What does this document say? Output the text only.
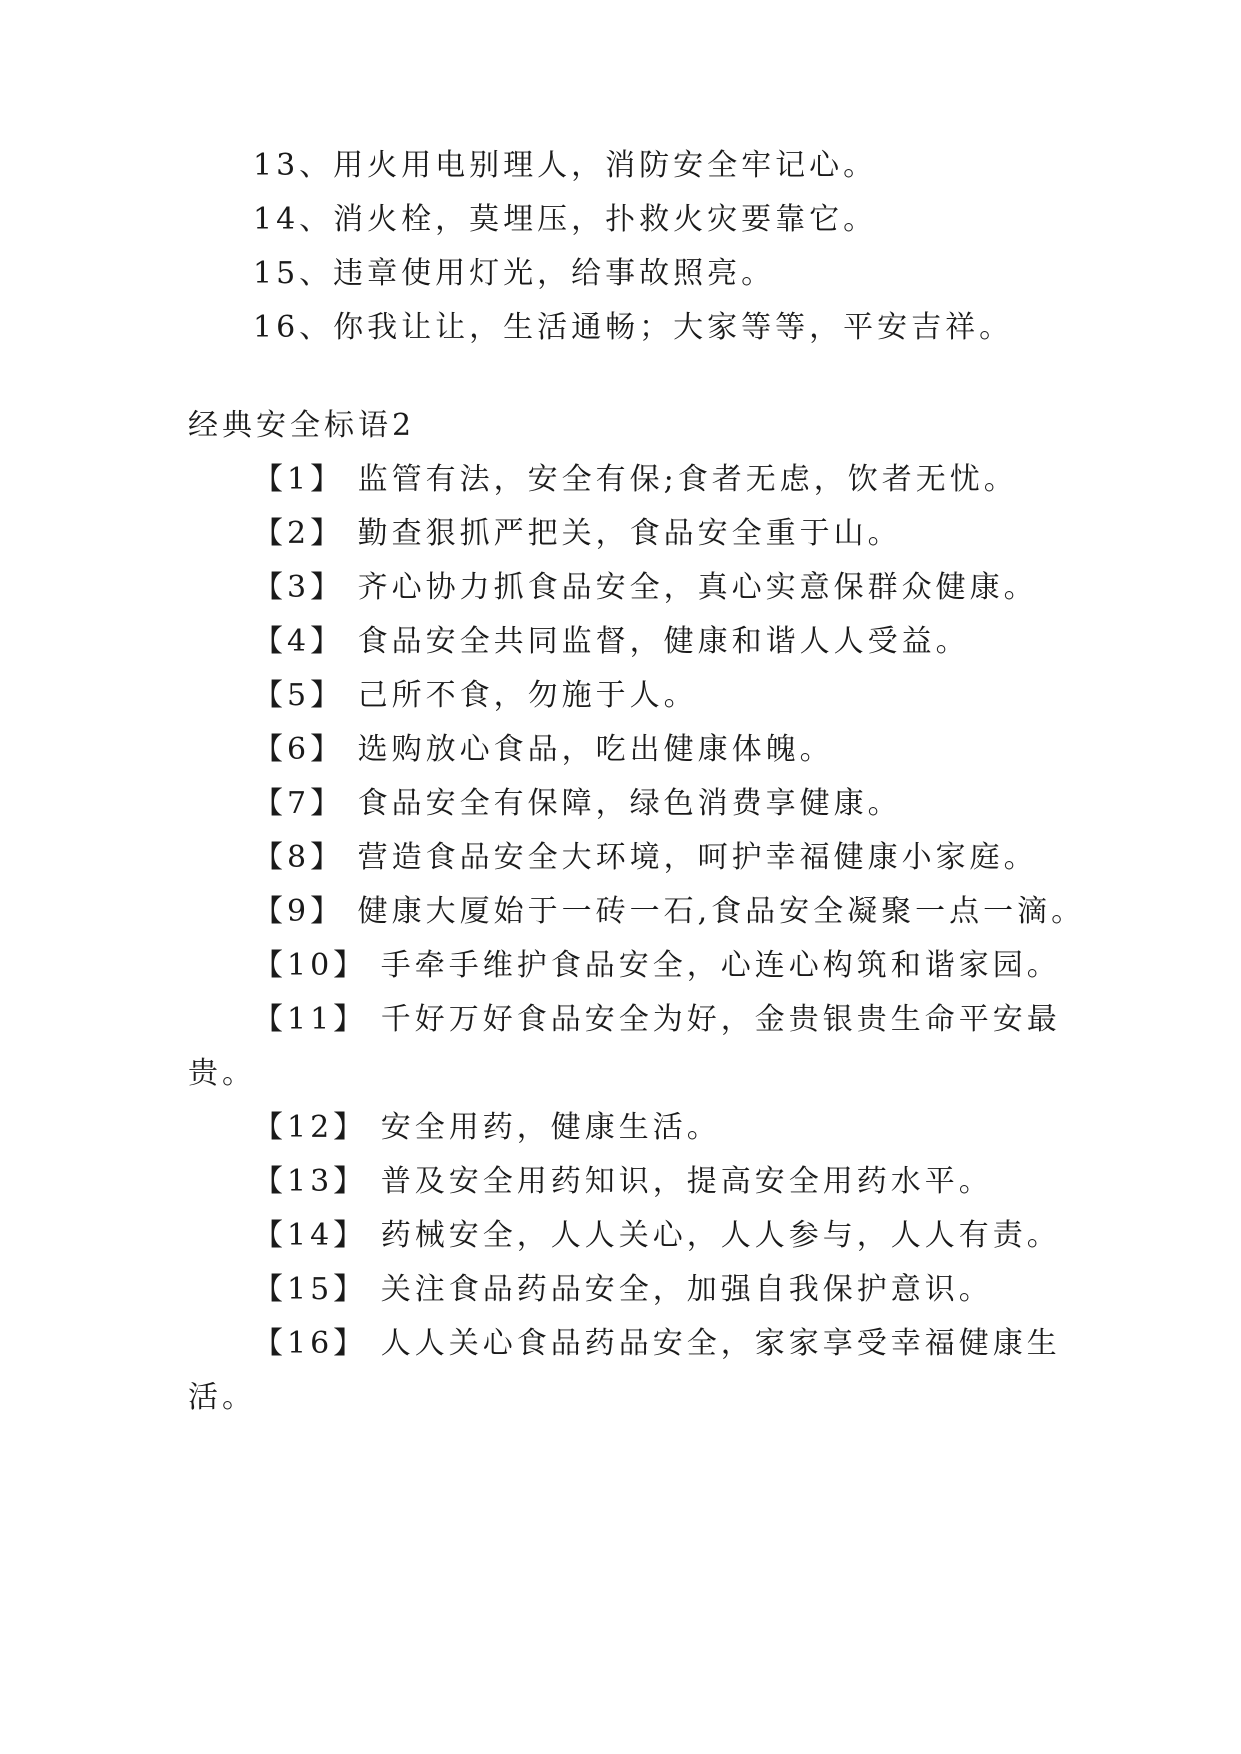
13、用火用电别理人，消防安全牢记心。
14、消火栓，莫埋压，扑救火灾要靠它。
15、违章使用灯光，给事故照亮。
16、你我让让，生活通畅；大家等等，平安吉祥。
经典安全标语2
【1】 监管有法，安全有保;食者无虑，饮者无忧。
【2】 勤查狠抓严把关，食品安全重于山。
【3】 齐心协力抓食品安全，真心实意保群众健康。
【4】 食品安全共同监督，健康和谐人人受益。
【5】 己所不食，勿施于人。
【6】 选购放心食品，吃出健康体魄。
【7】 食品安全有保障，绿色消费享健康。
【8】 营造食品安全大环境，呵护幸福健康小家庭。
【9】 健康大厦始于一砖一石,食品安全凝聚一点一滴。
【10】 手牵手维护食品安全，心连心构筑和谐家园。
【11】 千好万好食品安全为好，金贵银贵生命平安最
贵。
【12】 安全用药，健康生活。
【13】 普及安全用药知识，提高安全用药水平。
【14】 药械安全，人人关心，人人参与，人人有责。
【15】 关注食品药品安全，加强自我保护意识。
【16】 人人关心食品药品安全，家家享受幸福健康生
活。
